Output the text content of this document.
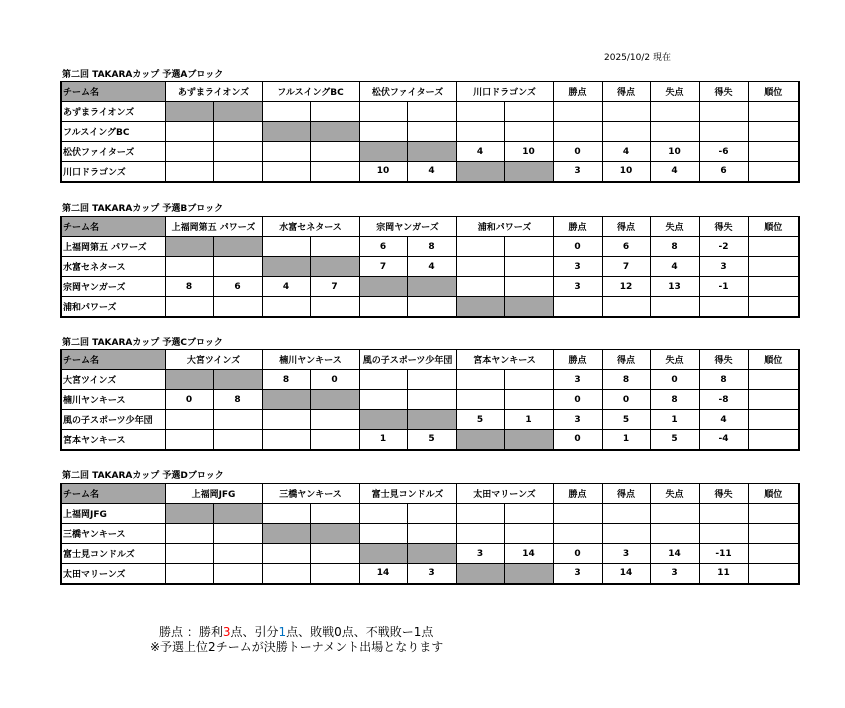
2025/10/2 現在
第二回 TAKARAカップ 予選Aブロック
チーム名	あずまライオンズ		フルスイングBC		松伏ファイターズ		川口ドラゴンズ		勝点	得点	失点	得失	順位
あずまライオンズ													
フルスイングBC													
松伏ファイターズ							4	10	0	4	10	-6	
川口ドラゴンズ					10	4			3	10	4	6	
第二回 TAKARAカップ 予選Bブロック
チーム名	上福岡第五 パワーズ		水富セネタース		宗岡ヤンガーズ		浦和パワーズ		勝点	得点	失点	得失	順位
上福岡第五 パワーズ					6	8			0	6	8	-2	
水富セネタース					7	4			3	7	4	3	
宗岡ヤンガーズ	8	6	4	7					3	12	13	-1	
浦和パワーズ													
第二回 TAKARAカップ 予選Cブロック
チーム名	大宮ツインズ		楠川ヤンキース		風の子スポーツ少年団		宮本ヤンキース		勝点	得点	失点	得失	順位
大宮ツインズ			8	0					3	8	0	8	
楠川ヤンキース	0	8							0	0	8	-8	
風の子スポーツ少年団							5	1	3	5	1	4	
宮本ヤンキース					1	5			0	1	5	-4	
第二回 TAKARAカップ 予選Dブロック
チーム名	上福岡JFG		三橋ヤンキース		富士見コンドルズ		太田マリーンズ		勝点	得点	失点	得失	順位
上福岡JFG													
三橋ヤンキース													
富士見コンドルズ							3	14	0	3	14	-11	
太田マリーンズ					14	3			3	14	3	11	
勝点 ：勝利3点、引分1点、敗戦0点、不戦敗ー1点
※予選上位2チームが決勝トーナメント出場となります
